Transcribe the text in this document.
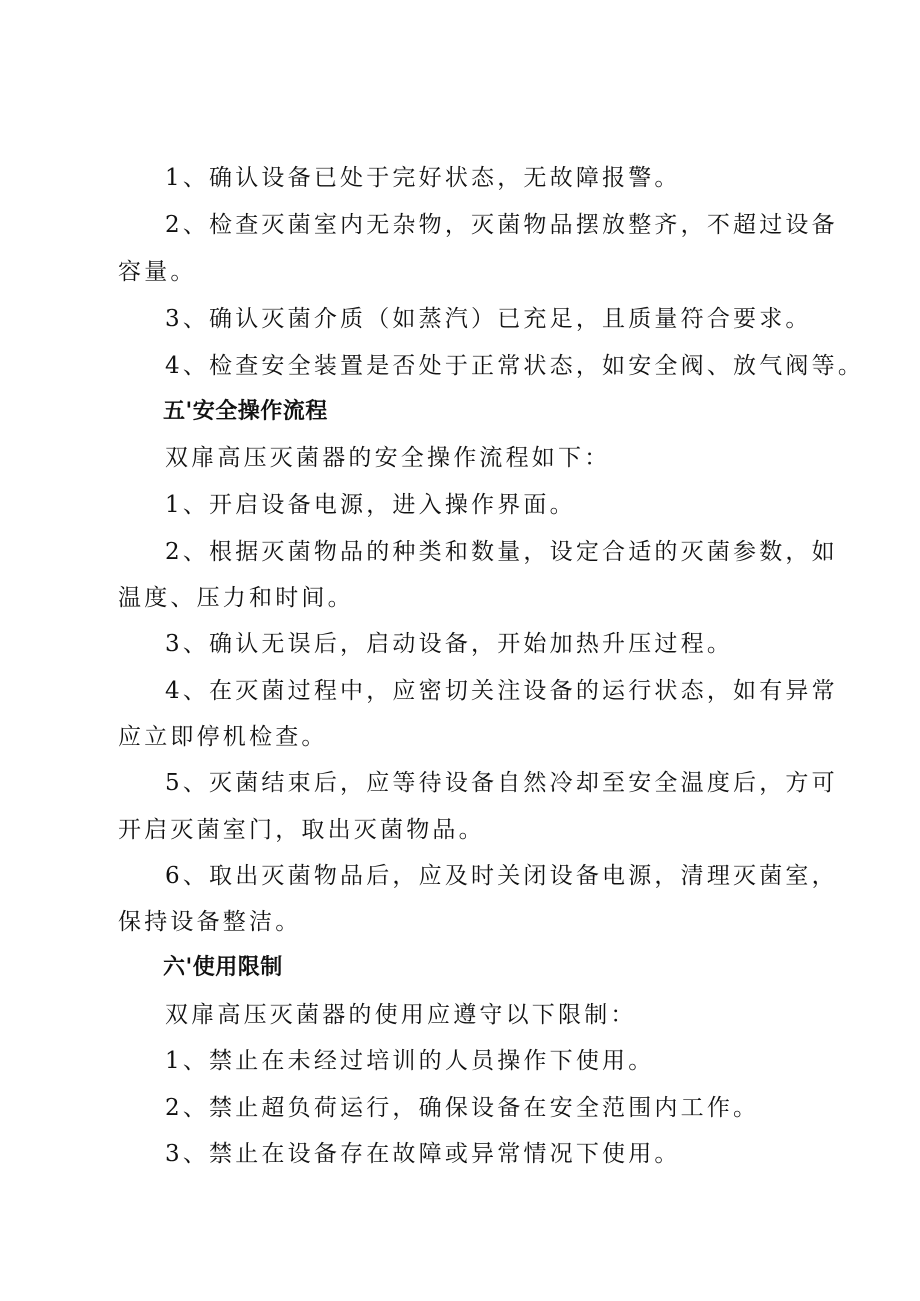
1、确认设备已处于完好状态，无故障报警。

2、检查灭菌室内无杂物，灭菌物品摆放整齐，不超过设备

容量。

3、确认灭菌介质（如蒸汽）已充足，且质量符合要求。

4、检查安全装置是否处于正常状态，如安全阀、放气阀等。

五'安全操作流程

双扉高压灭菌器的安全操作流程如下：

1、开启设备电源，进入操作界面。

2、根据灭菌物品的种类和数量，设定合适的灭菌参数，如

温度、压力和时间。

3、确认无误后，启动设备，开始加热升压过程。

4、在灭菌过程中，应密切关注设备的运行状态，如有异常

应立即停机检查。

5、灭菌结束后，应等待设备自然冷却至安全温度后，方可

开启灭菌室门，取出灭菌物品。

6、取出灭菌物品后，应及时关闭设备电源，清理灭菌室，

保持设备整洁。

六'使用限制

双扉高压灭菌器的使用应遵守以下限制：

1、禁止在未经过培训的人员操作下使用。

2、禁止超负荷运行，确保设备在安全范围内工作。

3、禁止在设备存在故障或异常情况下使用。
